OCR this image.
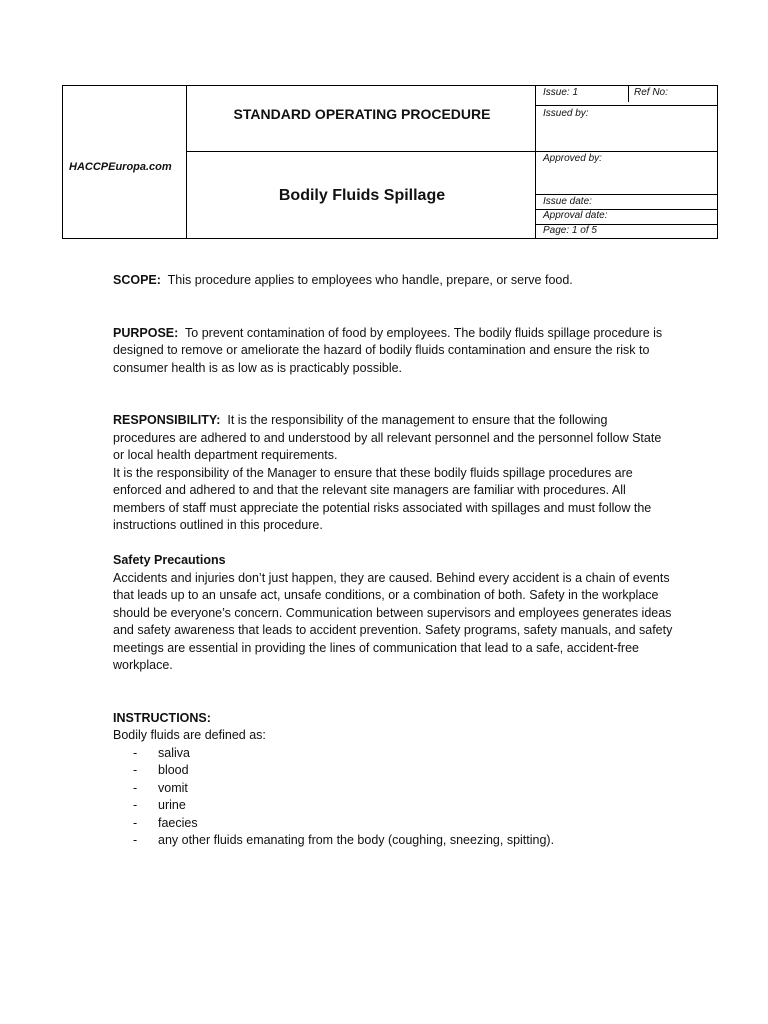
HACCPEuropa.com
STANDARD OPERATING PROCEDURE
Bodily Fluids Spillage
Issue: 1	Ref No:
Issued by:
Approved by:
Issue date:
Approval date:
Page: 1 of 5

SCOPE: This procedure applies to employees who handle, prepare, or serve food.

PURPOSE: To prevent contamination of food by employees. The bodily fluids spillage procedure is designed to remove or ameliorate the hazard of bodily fluids contamination and ensure the risk to consumer health is as low as is practicably possible.

RESPONSIBILITY: It is the responsibility of the management to ensure that the following procedures are adhered to and understood by all relevant personnel and the personnel follow State or local health department requirements.

It is the responsibility of the Manager to ensure that these bodily fluids spillage procedures are enforced and adhered to and that the relevant site managers are familiar with procedures. All members of staff must appreciate the potential risks associated with spillages and must follow the instructions outlined in this procedure.

Safety Precautions

Accidents and injuries don’t just happen, they are caused. Behind every accident is a chain of events that leads up to an unsafe act, unsafe conditions, or a combination of both. Safety in the workplace should be everyone’s concern. Communication between supervisors and employees generates ideas and safety awareness that leads to accident prevention. Safety programs, safety manuals, and safety meetings are essential in providing the lines of communication that lead to a safe, accident-free workplace.

INSTRUCTIONS:

Bodily fluids are defined as:

- saliva
- blood
- vomit
- urine
- faecies
- any other fluids emanating from the body (coughing, sneezing, spitting).
